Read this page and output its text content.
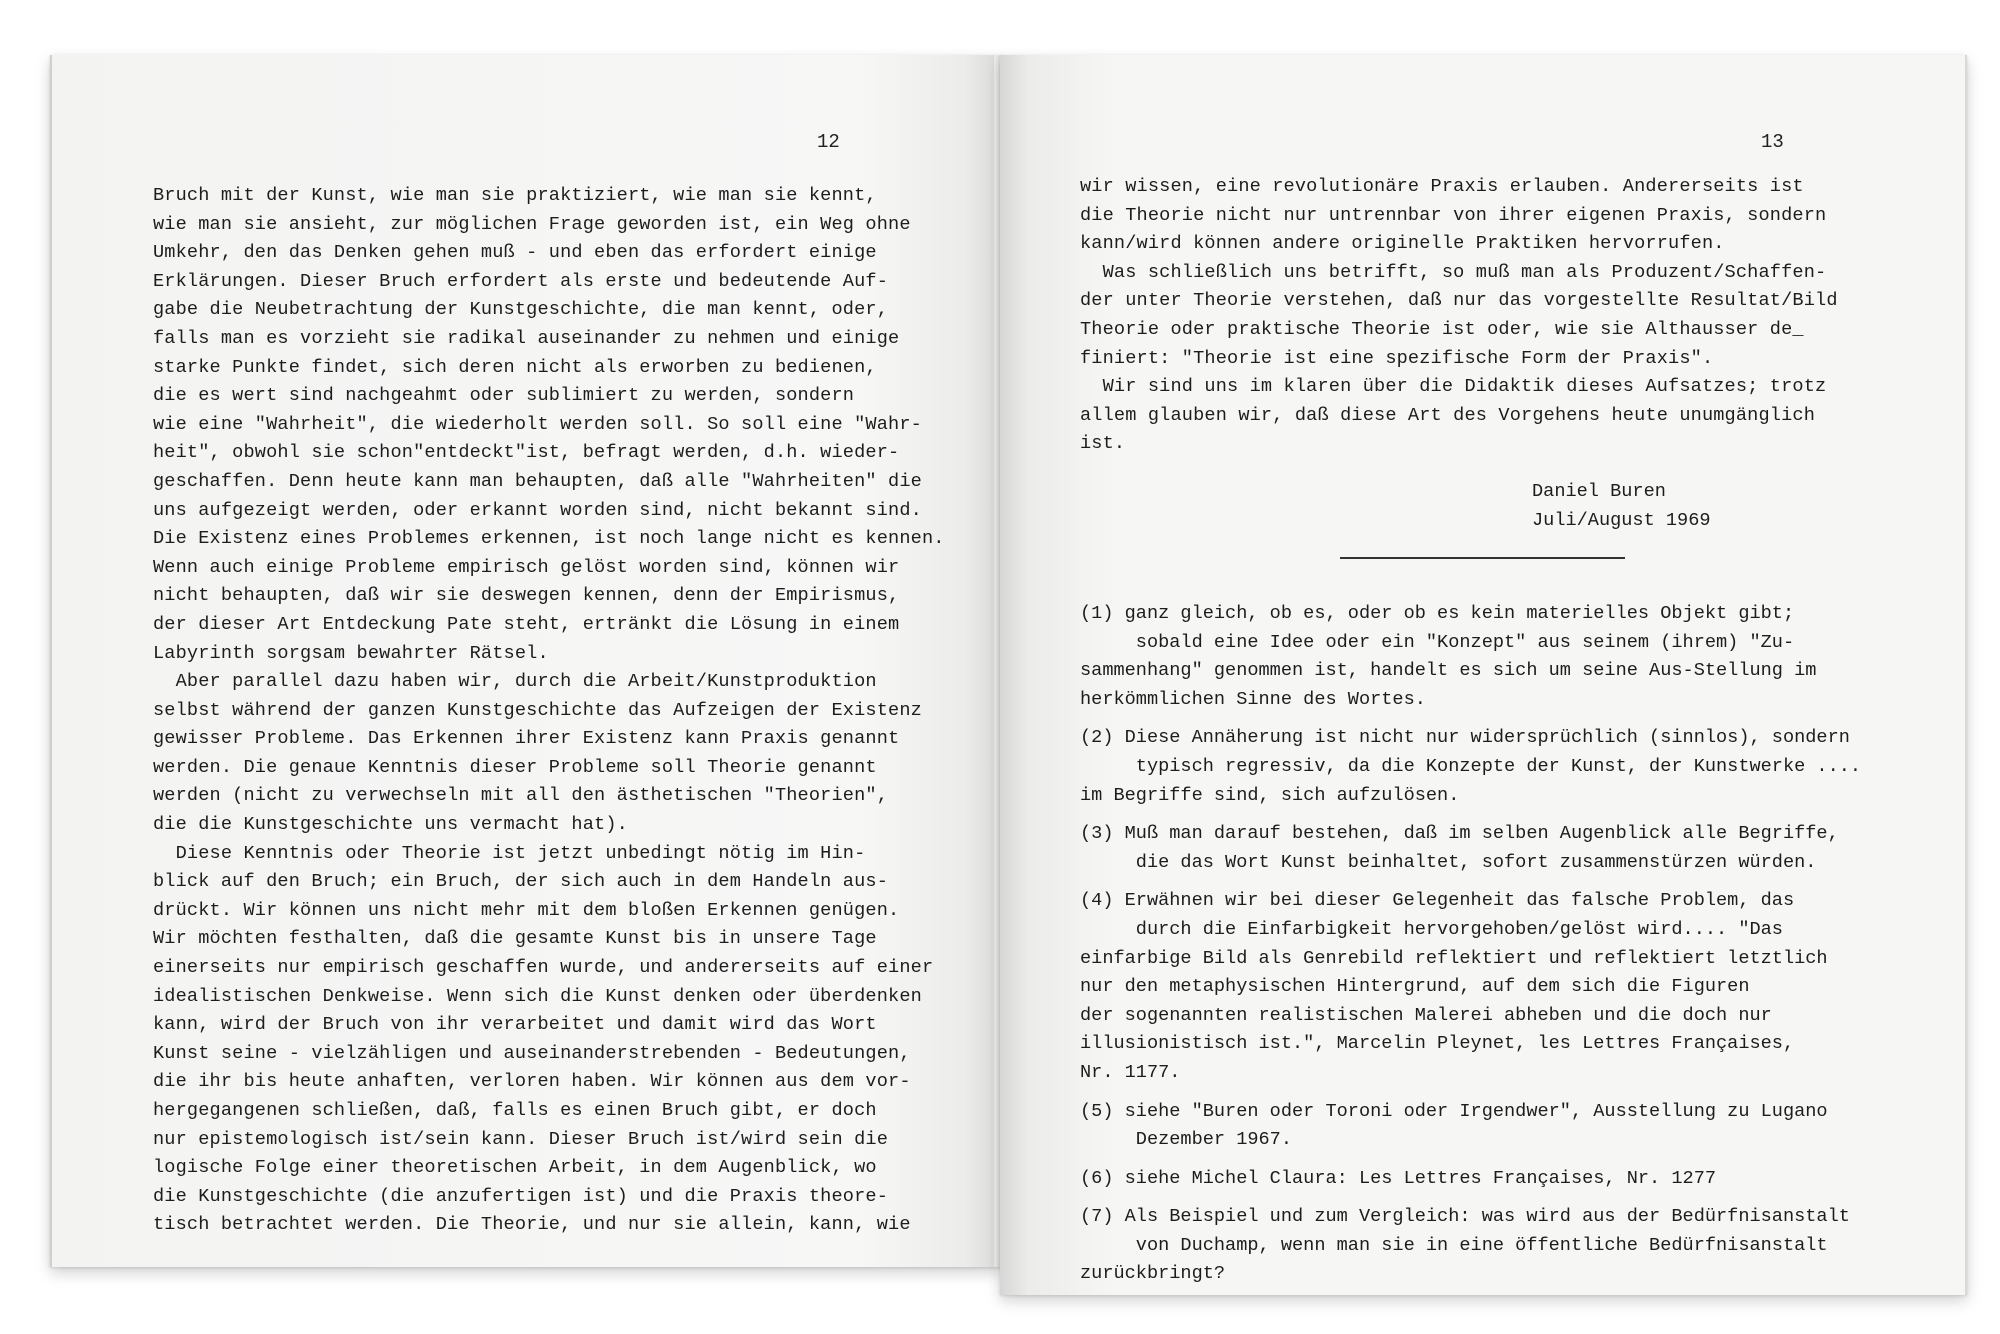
12
Bruch mit der Kunst, wie man sie praktiziert, wie man sie kennt,
wie man sie ansieht, zur möglichen Frage geworden ist, ein Weg ohne
Umkehr, den das Denken gehen muß - und eben das erfordert einige
Erklärungen. Dieser Bruch erfordert als erste und bedeutende Auf-
gabe die Neubetrachtung der Kunstgeschichte, die man kennt, oder,
falls man es vorzieht sie radikal auseinander zu nehmen und einige
starke Punkte findet, sich deren nicht als erworben zu bedienen,
die es wert sind nachgeahmt oder sublimiert zu werden, sondern
wie eine "Wahrheit", die wiederholt werden soll. So soll eine "Wahr-
heit", obwohl sie schon"entdeckt"ist, befragt werden, d.h. wieder-
geschaffen. Denn heute kann man behaupten, daß alle "Wahrheiten" die
uns aufgezeigt werden, oder erkannt worden sind, nicht bekannt sind.
Die Existenz eines Problemes erkennen, ist noch lange nicht es kennen.
Wenn auch einige Probleme empirisch gelöst worden sind, können wir
nicht behaupten, daß wir sie deswegen kennen, denn der Empirismus,
der dieser Art Entdeckung Pate steht, ertränkt die Lösung in einem
Labyrinth sorgsam bewahrter Rätsel.
Aber parallel dazu haben wir, durch die Arbeit/Kunstproduktion
selbst während der ganzen Kunstgeschichte das Aufzeigen der Existenz
gewisser Probleme. Das Erkennen ihrer Existenz kann Praxis genannt
werden. Die genaue Kenntnis dieser Probleme soll Theorie genannt
werden (nicht zu verwechseln mit all den ästhetischen "Theorien",
die die Kunstgeschichte uns vermacht hat).
Diese Kenntnis oder Theorie ist jetzt unbedingt nötig im Hin-
blick auf den Bruch; ein Bruch, der sich auch in dem Handeln aus-
drückt. Wir können uns nicht mehr mit dem bloßen Erkennen genügen.
Wir möchten festhalten, daß die gesamte Kunst bis in unsere Tage
einerseits nur empirisch geschaffen wurde, und andererseits auf einer
idealistischen Denkweise. Wenn sich die Kunst denken oder überdenken
kann, wird der Bruch von ihr verarbeitet und damit wird das Wort
Kunst seine - vielzähligen und auseinanderstrebenden - Bedeutungen,
die ihr bis heute anhaften, verloren haben. Wir können aus dem vor-
hergegangenen schließen, daß, falls es einen Bruch gibt, er doch
nur epistemologisch ist/sein kann. Dieser Bruch ist/wird sein die
logische Folge einer theoretischen Arbeit, in dem Augenblick, wo
die Kunstgeschichte (die anzufertigen ist) und die Praxis theore-
tisch betrachtet werden. Die Theorie, und nur sie allein, kann, wie
13
wir wissen, eine revolutionäre Praxis erlauben. Andererseits ist
die Theorie nicht nur untrennbar von ihrer eigenen Praxis, sondern
kann/wird können andere originelle Praktiken hervorrufen.
Was schließlich uns betrifft, so muß man als Produzent/Schaffen-
der unter Theorie verstehen, daß nur das vorgestellte Resultat/Bild
Theorie oder praktische Theorie ist oder, wie sie Althausser de_
finiert: "Theorie ist eine spezifische Form der Praxis".
Wir sind uns im klaren über die Didaktik dieses Aufsatzes; trotz
allem glauben wir, daß diese Art des Vorgehens heute unumgänglich
ist.
Daniel Buren
Juli/August 1969
(1) ganz gleich, ob es, oder ob es kein materielles Objekt gibt;
sobald eine Idee oder ein "Konzept" aus seinem (ihrem) "Zu-
sammenhang" genommen ist, handelt es sich um seine Aus-Stellung im
herkömmlichen Sinne des Wortes.
(2) Diese Annäherung ist nicht nur widersprüchlich (sinnlos), sondern
typisch regressiv, da die Konzepte der Kunst, der Kunstwerke ....
im Begriffe sind, sich aufzulösen.
(3) Muß man darauf bestehen, daß im selben Augenblick alle Begriffe,
die das Wort Kunst beinhaltet, sofort zusammenstürzen würden.
(4) Erwähnen wir bei dieser Gelegenheit das falsche Problem, das
durch die Einfarbigkeit hervorgehoben/gelöst wird.... "Das
einfarbige Bild als Genrebild reflektiert und reflektiert letztlich
nur den metaphysischen Hintergrund, auf dem sich die Figuren
der sogenannten realistischen Malerei abheben und die doch nur
illusionistisch ist.", Marcelin Pleynet, les Lettres Françaises,
Nr. 1177.
(5) siehe "Buren oder Toroni oder Irgendwer", Ausstellung zu Lugano
Dezember 1967.
(6) siehe Michel Claura: Les Lettres Françaises, Nr. 1277
(7) Als Beispiel und zum Vergleich: was wird aus der Bedürfnisanstalt
von Duchamp, wenn man sie in eine öffentliche Bedürfnisanstalt
zurückbringt?
